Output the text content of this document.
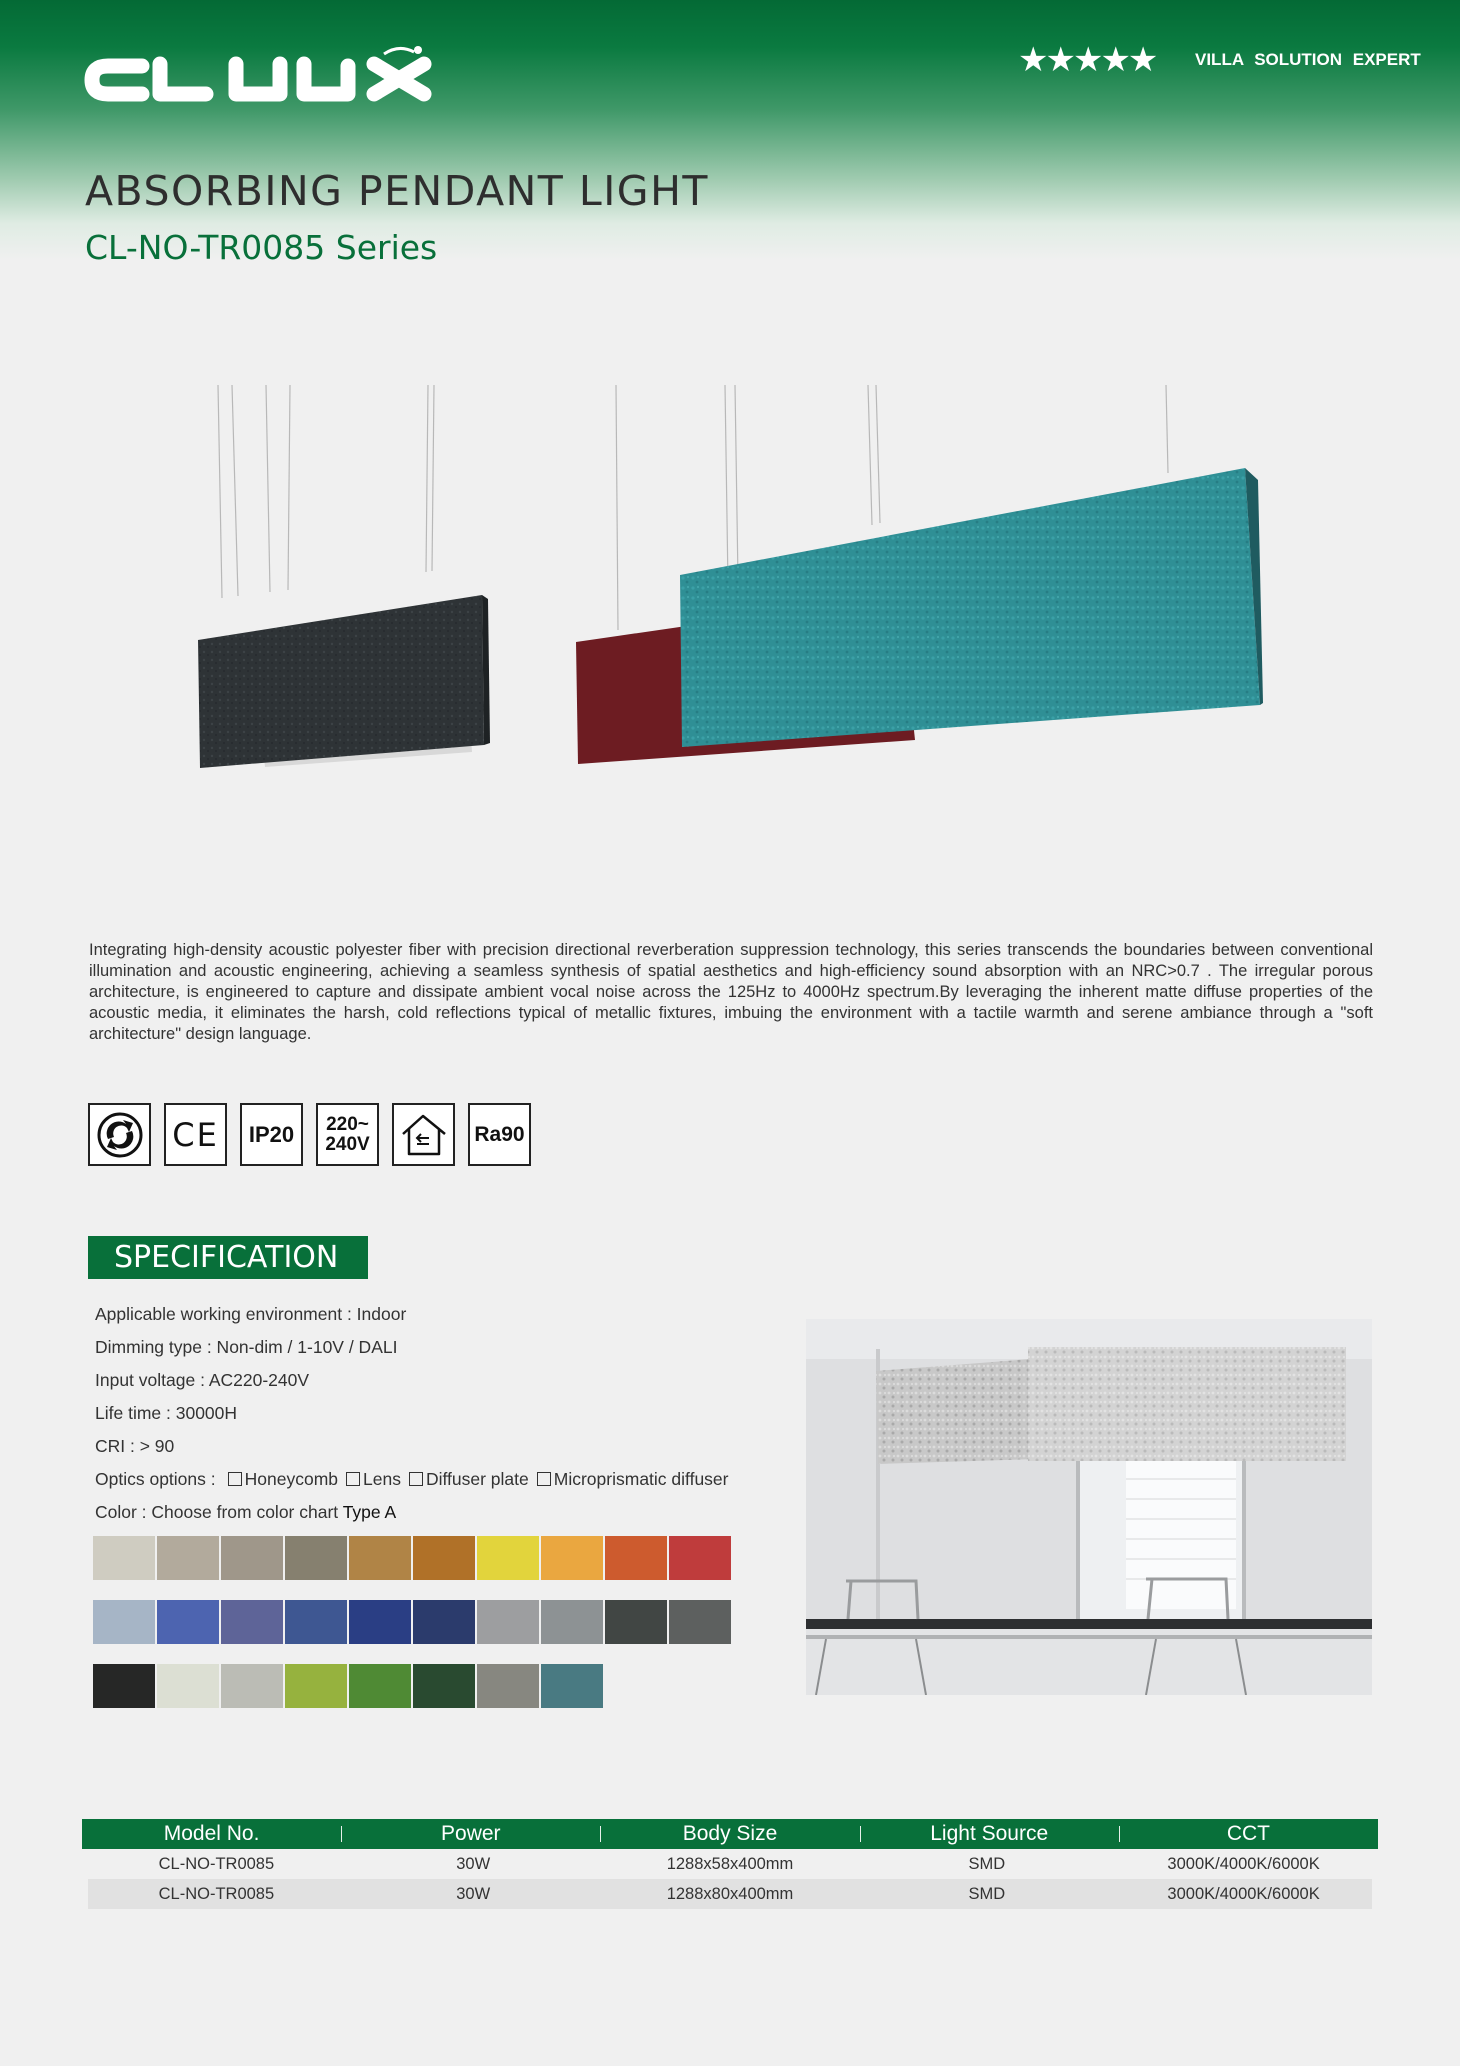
★★★★★ VILLA SOLUTION EXPERT
ABSORBING PENDANT LIGHT
CL-NO-TR0085 Series

Integrating high-density acoustic polyester fiber with precision directional reverberation suppression technology, this series transcends the boundaries between conventional illumination and acoustic engineering, achieving a seamless synthesis of spatial aesthetics and high-efficiency sound absorption with an NRC>0.7 . The irregular porous architecture, is engineered to capture and dissipate ambient vocal noise across the 125Hz to 4000Hz spectrum.By leveraging the inherent matte diffuse properties of the acoustic media, it eliminates the harsh, cold reflections typical of metallic fixtures, imbuing the environment with a tactile warmth and serene ambiance through a "soft architecture" design language.

CE IP20 220~
240V	Ra90
SPECIFICATION
Applicable working environment : Indoor
Dimming type : Non-dim / 1-10V / DALI
Input voltage : AC220-240V
Life time : 30000H
CRI : > 90
Optics options : Honeycomb Lens Diffuser plate Microprismatic diffuser
Color : Choose from color chart Type A
Model No.	Power	Body Size	Light Source	CCT
CL-NO-TR0085	30W	1288x58x400mm	SMD	3000K/4000K/6000K
CL-NO-TR0085	30W	1288x80x400mm	SMD	3000K/4000K/6000K
